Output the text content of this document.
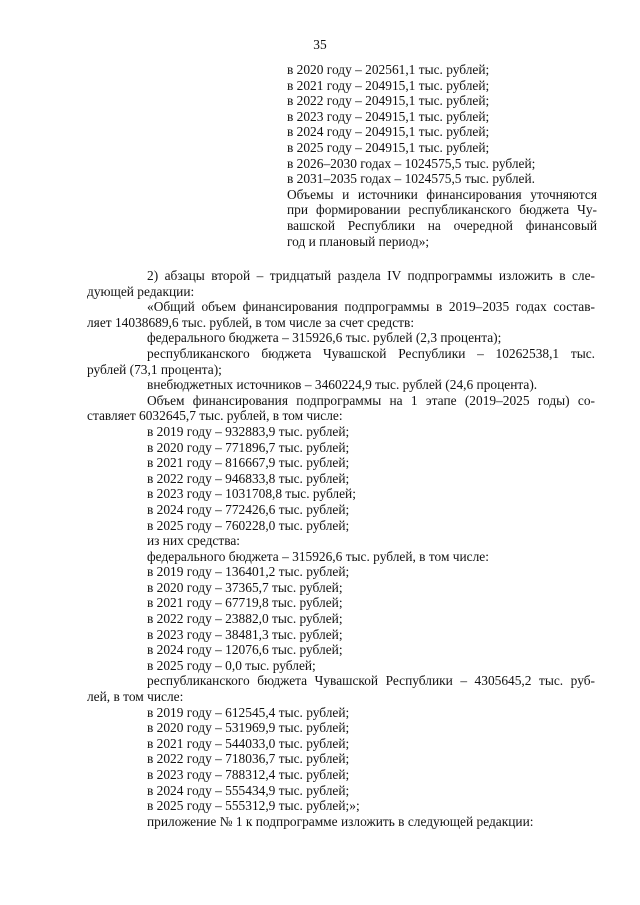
35
в 2020 году – 202561,1 тыс. рублей;
в 2021 году – 204915,1 тыс. рублей;
в 2022 году – 204915,1 тыс. рублей;
в 2023 году – 204915,1 тыс. рублей;
в 2024 году – 204915,1 тыс. рублей;
в 2025 году – 204915,1 тыс. рублей;
в 2026–2030 годах – 1024575,5 тыс. рублей;
в 2031–2035 годах – 1024575,5 тыс. рублей.
Объемы и источники финансирования уточняются
при формировании республиканского бюджета Чу-
вашской Республики на очередной финансовый
год и плановый период»;
2) абзацы второй – тридцатый раздела IV подпрограммы изложить в сле-
дующей редакции:
«Общий объем финансирования подпрограммы в 2019–2035 годах состав-
ляет 14038689,6 тыс. рублей, в том числе за счет средств:
федерального бюджета – 315926,6 тыс. рублей (2,3 процента);
республиканского бюджета Чувашской Республики – 10262538,1 тыс.
рублей (73,1 процента);
внебюджетных источников – 3460224,9 тыс. рублей (24,6 процента).
Объем финансирования подпрограммы на 1 этапе (2019–2025 годы) со-
ставляет 6032645,7 тыс. рублей, в том числе:
в 2019 году – 932883,9 тыс. рублей;
в 2020 году – 771896,7 тыс. рублей;
в 2021 году – 816667,9 тыс. рублей;
в 2022 году – 946833,8 тыс. рублей;
в 2023 году – 1031708,8 тыс. рублей;
в 2024 году – 772426,6 тыс. рублей;
в 2025 году – 760228,0 тыс. рублей;
из них средства:
федерального бюджета – 315926,6 тыс. рублей, в том числе:
в 2019 году – 136401,2 тыс. рублей;
в 2020 году – 37365,7 тыс. рублей;
в 2021 году – 67719,8 тыс. рублей;
в 2022 году – 23882,0 тыс. рублей;
в 2023 году – 38481,3 тыс. рублей;
в 2024 году – 12076,6 тыс. рублей;
в 2025 году – 0,0 тыс. рублей;
республиканского бюджета Чувашской Республики – 4305645,2 тыс. руб-
лей, в том числе:
в 2019 году – 612545,4 тыс. рублей;
в 2020 году – 531969,9 тыс. рублей;
в 2021 году – 544033,0 тыс. рублей;
в 2022 году – 718036,7 тыс. рублей;
в 2023 году – 788312,4 тыс. рублей;
в 2024 году – 555434,9 тыс. рублей;
в 2025 году – 555312,9 тыс. рублей;»;
приложение № 1 к подпрограмме изложить в следующей редакции:
